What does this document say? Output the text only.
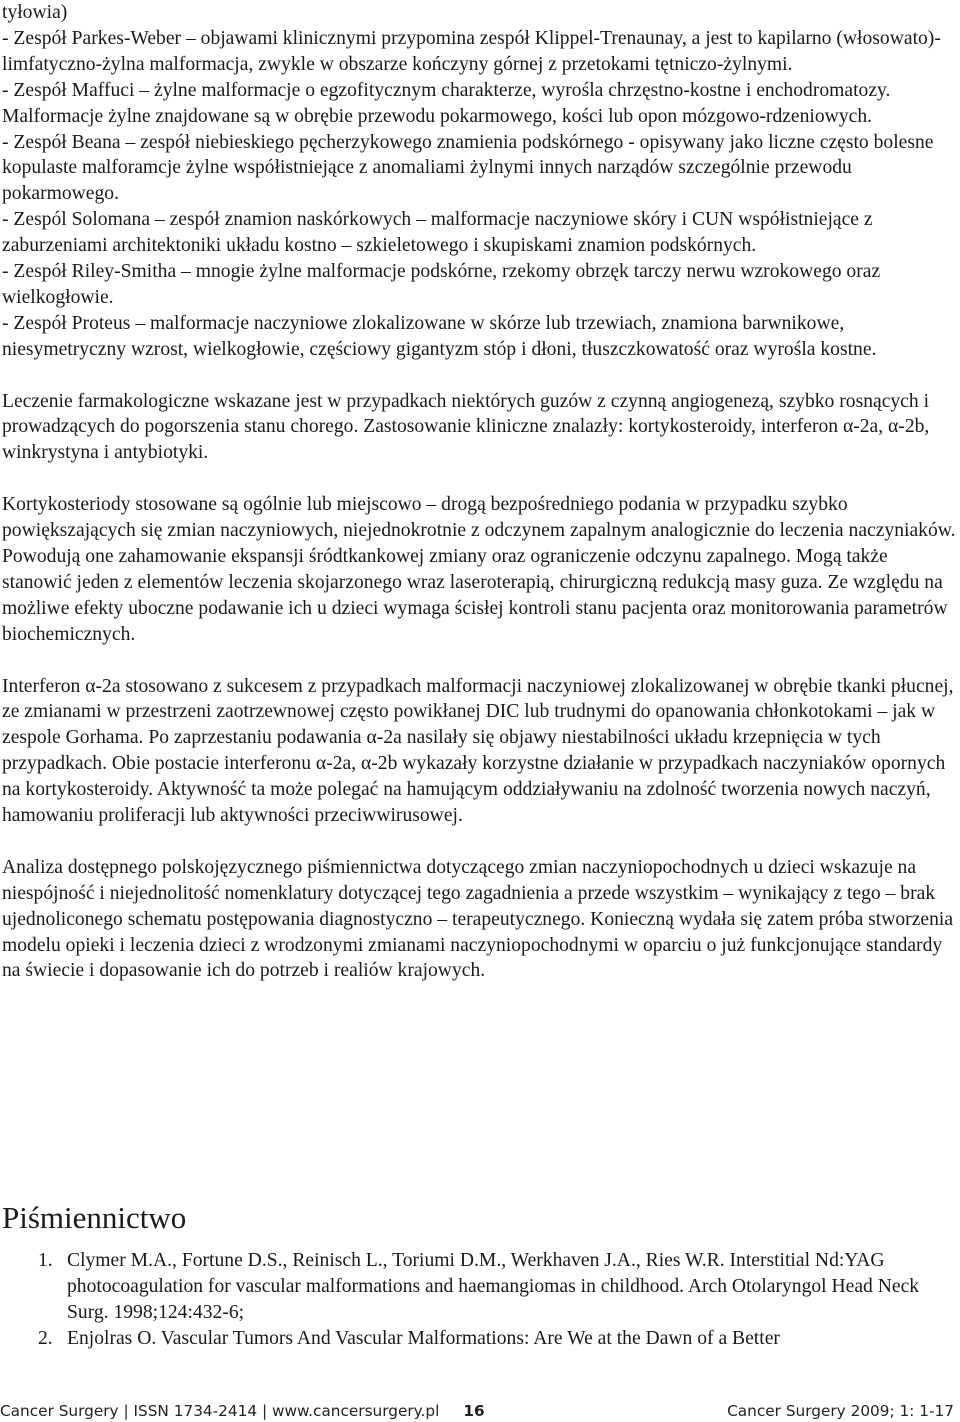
tyłowia)

- Zespół Parkes-Weber – objawami klinicznymi przypomina zespół Klippel-Trenaunay, a jest to kapilarno (włosowato)-limfatyczno-żylna malformacja, zwykle w obszarze kończyny górnej z przetokami tętniczo-żylnymi.

- Zespół Maffuci – żylne malformacje o egzofitycznym charakterze, wyrośla chrzęstno-kostne i enchodromatozy. Malformacje żylne znajdowane są w obrębie przewodu pokarmowego, kości lub opon mózgowo-rdzeniowych.

- Zespół Beana – zespół niebieskiego pęcherzykowego znamienia podskórnego - opisywany jako liczne często bolesne kopulaste malforamcje żylne współistniejące z anomaliami żylnymi innych narządów szczególnie przewodu pokarmowego.

- Zespól Solomana – zespół znamion naskórkowych – malformacje naczyniowe skóry i CUN współistniejące z zaburzeniami architektoniki układu kostno – szkieletowego i skupiskami znamion podskórnych.

- Zespół Riley-Smitha – mnogie żylne malformacje podskórne, rzekomy obrzęk tarczy nerwu wzrokowego oraz wielkogłowie.

- Zespół Proteus – malformacje naczyniowe zlokalizowane w skórze lub trzewiach, znamiona barwnikowe, niesymetryczny wzrost, wielkogłowie, częściowy gigantyzm stóp i dłoni, tłuszczkowatość oraz wyrośla kostne.

Leczenie farmakologiczne wskazane jest w przypadkach niektórych guzów z czynną angiogenezą, szybko rosnących i prowadzących do pogorszenia stanu chorego. Zastosowanie kliniczne znalazły: kortykosteroidy, interferon α-2a, α-2b, winkrystyna i antybiotyki.

Kortykosteriody stosowane są ogólnie lub miejscowo – drogą bezpośredniego podania w przypadku szybko powiększających się zmian naczyniowych, niejednokrotnie z odczynem zapalnym analogicznie do leczenia naczyniaków. Powodują one zahamowanie ekspansji śródtkankowej zmiany oraz ograniczenie odczynu zapalnego. Mogą także stanowić jeden z elementów leczenia skojarzonego wraz laseroterapią, chirurgiczną redukcją masy guza. Ze względu na możliwe efekty uboczne podawanie ich u dzieci wymaga ścisłej kontroli stanu pacjenta oraz monitorowania parametrów biochemicznych.

Interferon α-2a stosowano z sukcesem z przypadkach malformacji naczyniowej zlokalizowanej w obrębie tkanki płucnej, ze zmianami w przestrzeni zaotrzewnowej często powikłanej DIC lub trudnymi do opanowania chłonkotokami – jak w zespole Gorhama. Po zaprzestaniu podawania α-2a nasilały się objawy niestabilności układu krzepnięcia w tych przypadkach. Obie postacie interferonu α-2a, α-2b wykazały korzystne działanie w przypadkach naczyniaków opornych na kortykosteroidy. Aktywność ta może polegać na hamującym oddziaływaniu na zdolność tworzenia nowych naczyń, hamowaniu proliferacji lub aktywności przeciwwirusowej.

Analiza dostępnego polskojęzycznego piśmiennictwa dotyczącego zmian naczyniopochodnych u dzieci wskazuje na niespójność i niejednolitość nomenklatury dotyczącej tego zagadnienia a przede wszystkim – wynikający z tego – brak ujednoliconego schematu postępowania diagnostyczno – terapeutycznego. Konieczną wydała się zatem próba stworzenia modelu opieki i leczenia dzieci z wrodzonymi zmianami naczyniopochodnymi w oparciu o już funkcjonujące standardy na świecie i dopasowanie ich do potrzeb i realiów krajowych.

Piśmiennictwo
1. Clymer M.A., Fortune D.S., Reinisch L., Toriumi D.M., Werkhaven J.A., Ries W.R. Interstitial Nd:YAG photocoagulation for vascular malformations and haemangiomas in childhood. Arch Otolaryngol Head Neck Surg. 1998;124:432-6;
2. Enjolras O. Vascular Tumors And Vascular Malformations: Are We at the Dawn of a Better
Cancer Surgery | ISSN 1734-2414 | www.cancersurgery.pl 16	Cancer Surgery 2009; 1: 1-17
